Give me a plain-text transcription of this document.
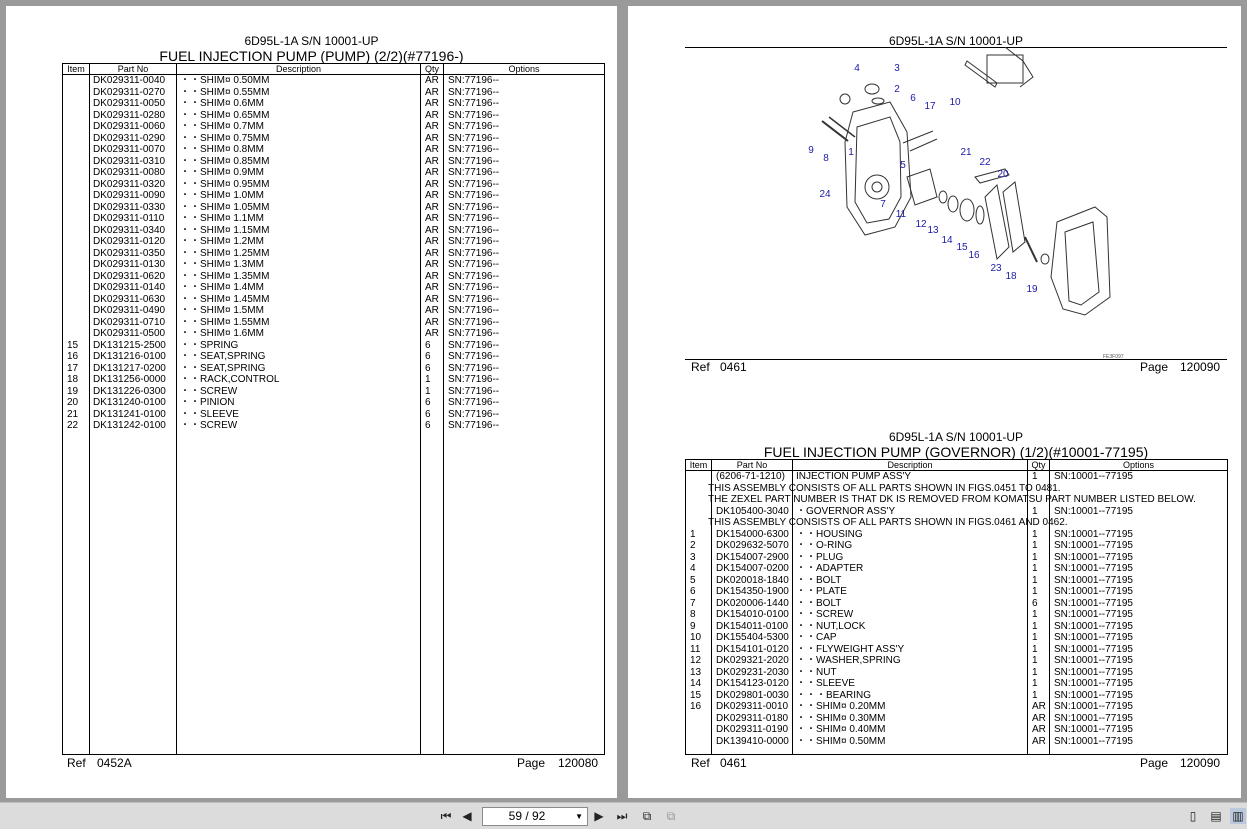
6D95L-1A S/N 10001-UP
FUEL INJECTION PUMP (PUMP) (2/2)(#77196-)
Item	Part No	Description	Qty	Options
DK029311-0040 ・・SHIM¤ 0.50MM	AR SN:77196--
DK029311-0270 ・・SHIM¤ 0.55MM	AR SN:77196--
DK029311-0050 ・・SHIM¤ 0.6MM	AR SN:77196--
DK029311-0280 ・・SHIM¤ 0.65MM	AR SN:77196--
DK029311-0060 ・・SHIM¤ 0.7MM	AR SN:77196--
DK029311-0290 ・・SHIM¤ 0.75MM	AR SN:77196--
DK029311-0070 ・・SHIM¤ 0.8MM	AR SN:77196--
DK029311-0310 ・・SHIM¤ 0.85MM	AR SN:77196--
DK029311-0080 ・・SHIM¤ 0.9MM	AR SN:77196--
DK029311-0320 ・・SHIM¤ 0.95MM	AR SN:77196--
DK029311-0090 ・・SHIM¤ 1.0MM	AR SN:77196--
DK029311-0330 ・・SHIM¤ 1.05MM	AR SN:77196--
DK029311-0110 ・・SHIM¤ 1.1MM	AR SN:77196--
DK029311-0340 ・・SHIM¤ 1.15MM	AR SN:77196--
DK029311-0120 ・・SHIM¤ 1.2MM	AR SN:77196--
DK029311-0350 ・・SHIM¤ 1.25MM	AR SN:77196--
DK029311-0130 ・・SHIM¤ 1.3MM	AR SN:77196--
DK029311-0620 ・・SHIM¤ 1.35MM	AR SN:77196--
DK029311-0140 ・・SHIM¤ 1.4MM	AR SN:77196--
DK029311-0630 ・・SHIM¤ 1.45MM	AR SN:77196--
DK029311-0490 ・・SHIM¤ 1.5MM	AR SN:77196--
DK029311-0710 ・・SHIM¤ 1.55MM	AR SN:77196--
DK029311-0500 ・・SHIM¤ 1.6MM	AR SN:77196--
15 DK131215-2500 ・・SPRING	6 SN:77196--
16 DK131216-0100 ・・SEAT,SPRING	6 SN:77196--
17 DK131217-0200 ・・SEAT,SPRING	6 SN:77196--
18 DK131256-0000 ・・RACK,CONTROL	1 SN:77196--
19 DK131226-0300 ・・SCREW	1 SN:77196--
20 DK131240-0100 ・・PINION	6 SN:77196--
21 DK131241-0100 ・・SLEEVE	6 SN:77196--
22 DK131242-0100 ・・SCREW	6 SN:77196--
Ref 0452A	Page 120080
6D95L-1A S/N 10001-UP
1
2
3
4
5
6
7
8
9
10
11
12
13
14
15
16
17
18
19
20
21
22
23
24
FE3F097
Ref 0461	Page 120090
6D95L-1A S/N 10001-UP
FUEL INJECTION PUMP (GOVERNOR) (1/2)(#10001-77195)
Item	Part No	Description	Qty	Options
(6206-71-1210) INJECTION PUMP ASS'Y	1 SN:10001--77195
THIS ASSEMBLY CONSISTS OF ALL PARTS SHOWN IN FIGS.0451 TO 0481.
THE ZEXEL PART NUMBER IS THAT DK IS REMOVED FROM KOMATSU PART NUMBER LISTED BELOW.
DK105400-3040 ・GOVERNOR ASS'Y	1 SN:10001--77195
THIS ASSEMBLY CONSISTS OF ALL PARTS SHOWN IN FIGS.0461 AND 0462.
1 DK154000-6300 ・・HOUSING	1 SN:10001--77195
2 DK029632-5070 ・・O-RING	1 SN:10001--77195
3 DK154007-2900 ・・PLUG	1 SN:10001--77195
4 DK154007-0200 ・・ADAPTER	1 SN:10001--77195
5 DK020018-1840 ・・BOLT	1 SN:10001--77195
6 DK154350-1900 ・・PLATE	1 SN:10001--77195
7 DK020006-1440 ・・BOLT	6 SN:10001--77195
8 DK154010-0100 ・・SCREW	1 SN:10001--77195
9 DK154011-0100 ・・NUT,LOCK	1 SN:10001--77195
10 DK155404-5300 ・・CAP	1 SN:10001--77195
11 DK154101-0120 ・・FLYWEIGHT ASS'Y	1 SN:10001--77195
12 DK029321-2020 ・・WASHER,SPRING	1 SN:10001--77195
13 DK029231-2030 ・・NUT	1 SN:10001--77195
14 DK154123-0120 ・・SLEEVE	1 SN:10001--77195
15 DK029801-0030 ・・・BEARING	1 SN:10001--77195
16 DK029311-0010 ・・SHIM¤ 0.20MM	AR SN:10001--77195
DK029311-0180 ・・SHIM¤ 0.30MM	AR SN:10001--77195
DK029311-0190 ・・SHIM¤ 0.40MM	AR SN:10001--77195
DK139410-0000 ・・SHIM¤ 0.50MM	AR SN:10001--77195
Ref 0461	Page 120090
⏮ ◀	59 / 92	▼ ▶ ⏭	⧉	⧉	▯	▤ ▥
